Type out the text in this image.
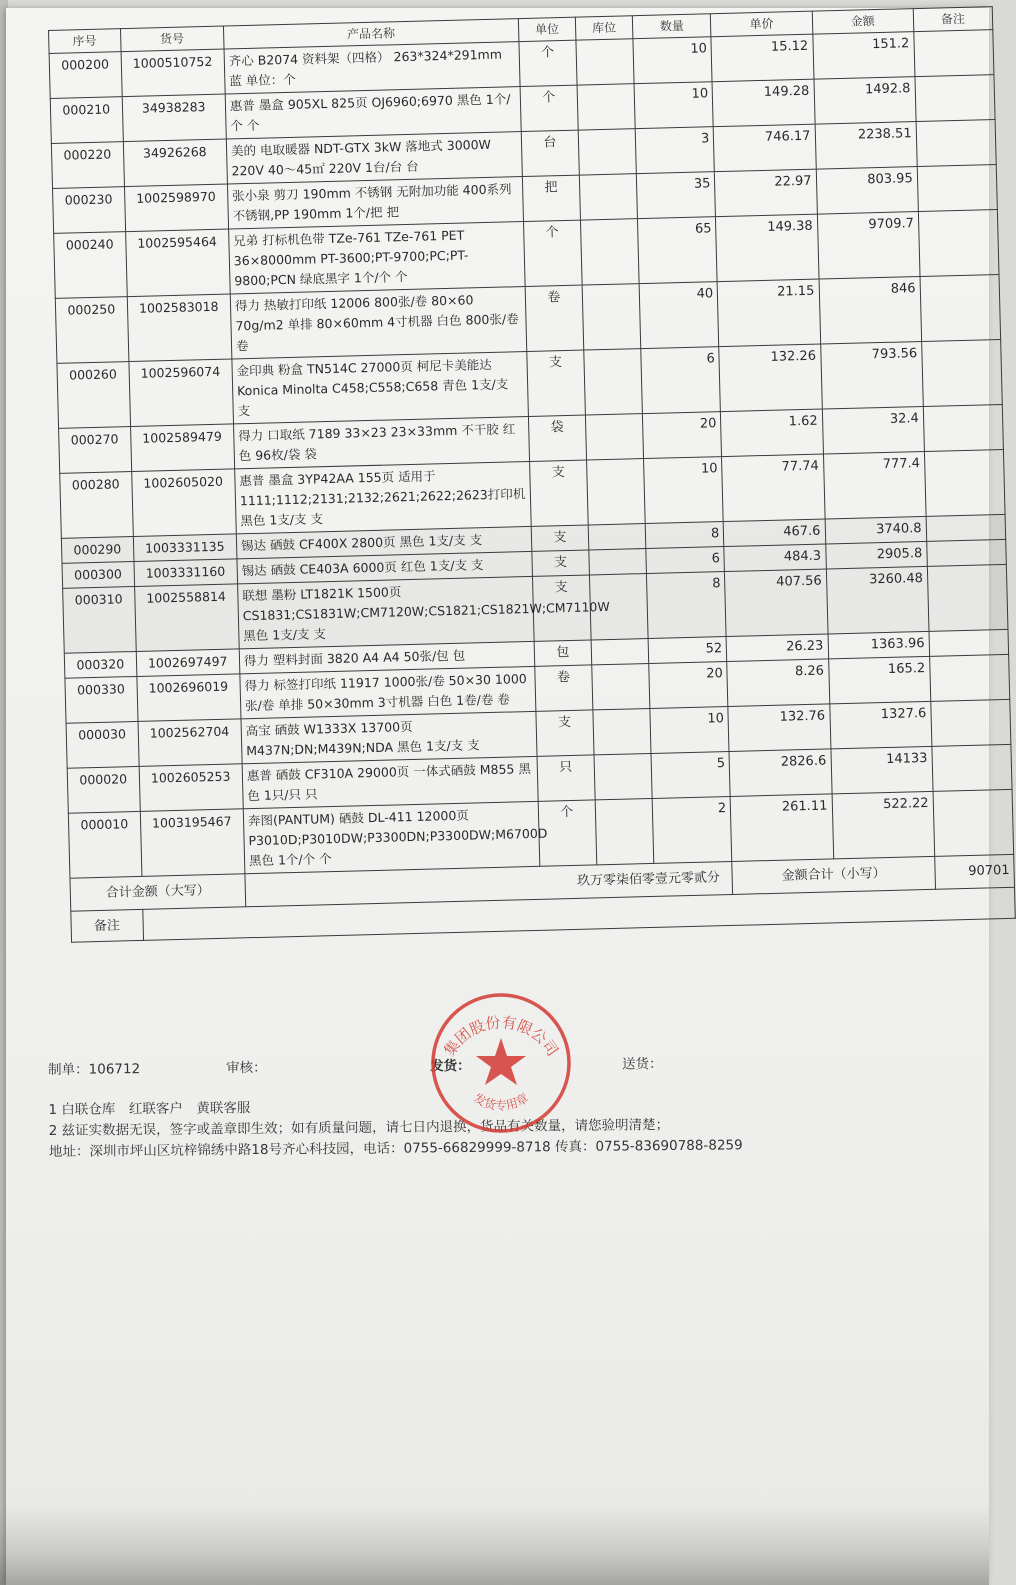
序号	货号	产品名称	单位	库位	数量	单价	金额	备注
000200	1000510752	齐心 B2074 资料架（四格） 263*324*291mm 蓝 单位：个	个		10	15.12	151.2	
000210	34938283	惠普 墨盒 905XL 825页 OJ6960;6970 黑色 1个/个 个	个		10	149.28	1492.8	
000220	34926268	美的 电取暖器 NDT-GTX 3kW 落地式 3000W 220V 40～45㎡ 220V 1台/台 台	台		3	746.17	2238.51	
000230	1002598970	张小泉 剪刀 190mm 不锈钢 无附加功能 400系列不锈钢,PP 190mm 1个/把 把	把		35	22.97	803.95	
000240	1002595464	兄弟 打标机色带 TZe-761 TZe-761 PET 36×8000mm PT-3600;PT-9700;PC;PT-9800;PCN 绿底黑字 1个/个 个	个		65	149.38	9709.7	
000250	1002583018	得力 热敏打印纸 12006 800张/卷 80×60 70g/m2 单排 80×60mm 4寸机器 白色 800张/卷 卷	卷		40	21.15	846	
000260	1002596074	金印典 粉盒 TN514C 27000页 柯尼卡美能达 Konica Minolta C458;C558;C658 青色 1支/支 支	支		6	132.26	793.56	
000270	1002589479	得力 口取纸 7189 33×23 23×33mm 不干胶 红色 96枚/袋 袋	袋		20	1.62	32.4	
000280	1002605020	惠普 墨盒 3YP42AA 155页 适用于1111;1112;2131;2132;2621;2622;2623打印机 黑色 1支/支 支	支		10	77.74	777.4	
000290	1003331135	锡达 硒鼓 CF400X 2800页 黑色 1支/支 支	支		8	467.6	3740.8	
000300	1003331160	锡达 硒鼓 CE403A 6000页 红色 1支/支 支	支		6	484.3	2905.8	
000310	1002558814	联想 墨粉 LT1821K 1500页 CS1831;CS1831W;CM7120W;CS1821;CS1821W;CM7110W 黑色 1支/支 支	支		8	407.56	3260.48	
000320	1002697497	得力 塑料封面 3820 A4 A4 50张/包 包	包		52	26.23	1363.96	
000330	1002696019	得力 标签打印纸 11917 1000张/卷 50×30 1000张/卷 单排 50×30mm 3寸机器 白色 1卷/卷 卷	卷		20	8.26	165.2	
000030	1002562704	高宝 硒鼓 W1333X 13700页 M437N;DN;M439N;NDA 黑色 1支/支 支	支		10	132.76	1327.6	
000020	1002605253	惠普 硒鼓 CF310A 29000页 一体式硒鼓 M855 黑色 1只/只 只	只		5	2826.6	14133	
000010	1003195467	奔图(PANTUM) 硒鼓 DL-411 12000页 P3010D;P3010DW;P3300DN;P3300DW;M6700D 黑色 1个/个 个	个		2	261.11	522.22	
合计金额（大写）		玖万零柒佰零壹元零贰分				金额合计（小写）		90701
备注								
制单：106712	审核：	发货：	送货：
1 白联仓库　红联客户　黄联客服
2 兹证实数据无误，签字或盖章即生效；如有质量问题，请七日内退换，货品有关数量，请您验明清楚；
地址：深圳市坪山区坑梓锦绣中路18号齐心科技园，电话：0755-66829999-8718 传真：0755-83690788-8259
集团股份有限公司
发货专用章
